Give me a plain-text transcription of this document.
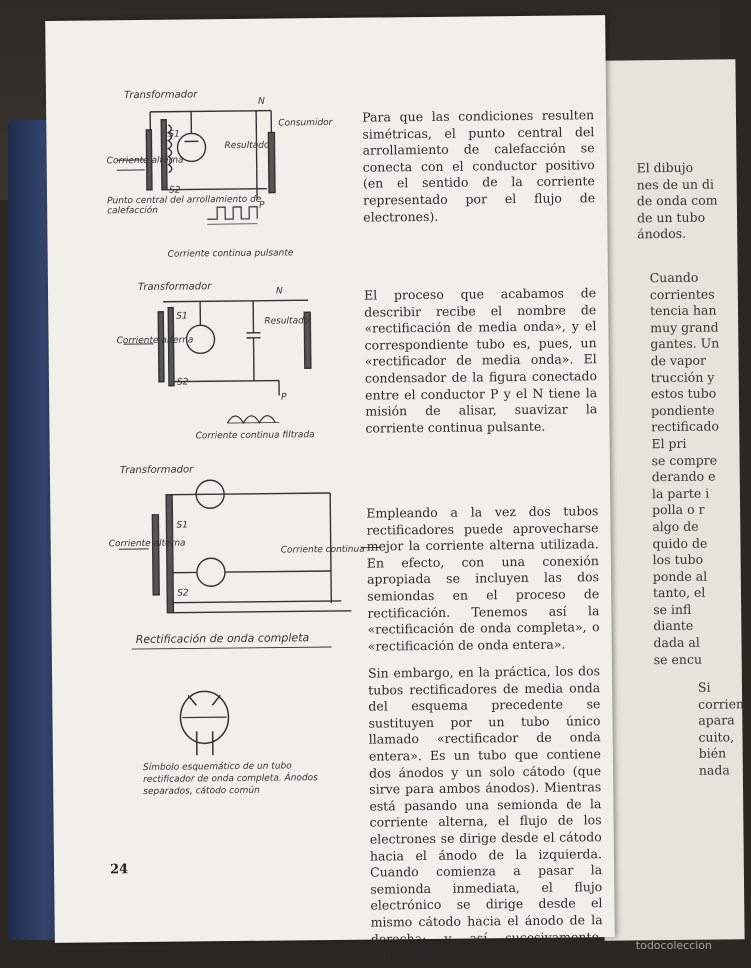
El dibujo
nes de un di
de onda com
de un tubo
ánodos.
Cuando
corrientes
tencia han
muy grand
gantes. Un
de vapor
trucción y
estos tubo
pondiente
rectificado
El pri
se compre
derando e
la parte i
polla o r
algo de
quido de
los tubo
ponde al
tanto, el
se infl
diante
dada al
se encu
Si
corrien
apara
cuito,
bién
nada
Transformador
Corriente alterna
Punto central del arrollamiento de calefacción
Consumidor
Resultado
N
P
S1
S2
Corriente continua pulsante
Transformador
Corriente alterna
Resultado
N
P
S1
S2
Corriente continua filtrada
Transformador
Corriente alterna
Corriente continua
S1
S2
Rectificación de onda completa
Símbolo esquemático de un tubo rectificador de onda completa. Ánodos separados, cátodo común

Para que las condiciones resulten simétricas, el punto central del arrollamiento de calefacción se conecta con el conductor positivo (en el sentido de la corriente representado por el flujo de electrones).

El proceso que acabamos de describir recibe el nombre de «rectificación de media onda», y el correspondiente tubo es, pues, un «rectificador de media onda». El condensador de la figura conectado entre el conductor P y el N tiene la misión de alisar, suavizar la corriente continua pulsante.

Empleando a la vez dos tubos rectificadores puede aprovecharse mejor la corriente alterna utilizada. En efecto, con una conexión apropiada se incluyen las dos semiondas en el proceso de rectificación. Tenemos así la «rectificación de onda completa», o «rectificación de onda entera».

Sin embargo, en la práctica, los dos tubos rectificadores de media onda del esquema precedente se sustituyen por un tubo único llamado «rectificador de onda entera». Es un tubo que contiene dos ánodos y un solo cátodo (que sirve para ambos ánodos). Mientras está pasando una semionda de la corriente alterna, el flujo de los electrones se dirige desde el cátodo hacia el ánodo de la izquierda. Cuando comienza a pasar la semionda inmediata, el flujo electrónico se dirige desde el mismo cátodo hacia el ánodo de la derecha; y así sucesivamente, alternando siempre.

24
todocoleccion
